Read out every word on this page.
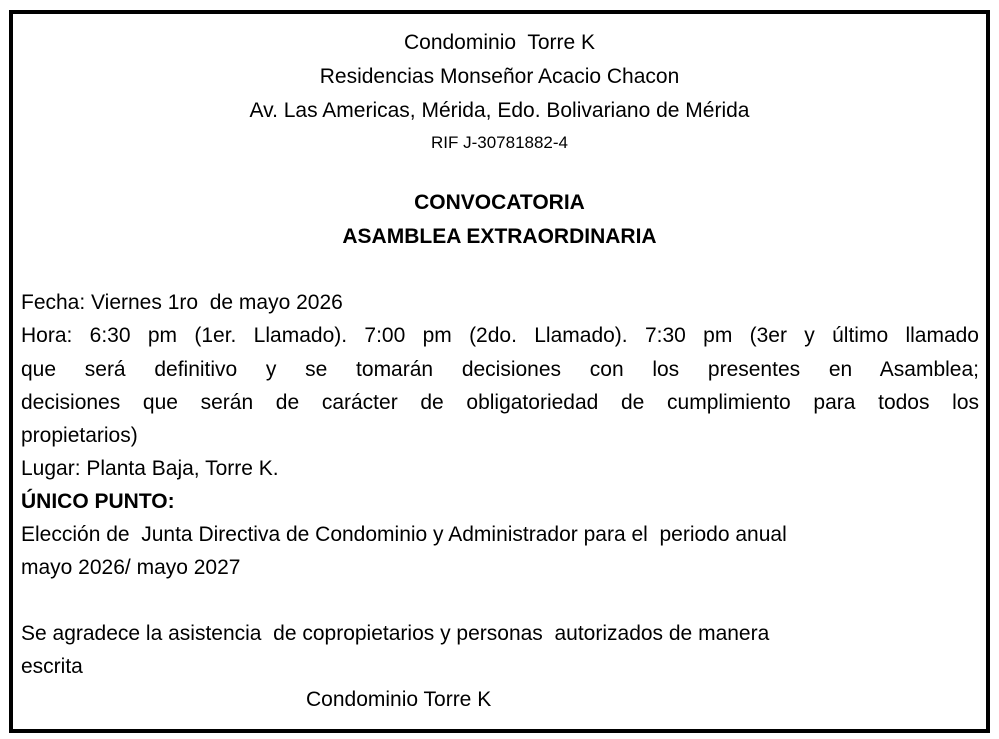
Condominio  Torre K
Residencias Monseñor Acacio Chacon
Av. Las Americas, Mérida, Edo. Bolivariano de Mérida
RIF J-30781882-4
CONVOCATORIA
ASAMBLEA EXTRAORDINARIA
Fecha: Viernes 1ro  de mayo 2026
Hora: 6:30 pm (1er. Llamado). 7:00 pm (2do. Llamado). 7:30 pm (3er y último llamado
que será definitivo y se tomarán decisiones con los presentes en Asamblea;
decisiones que serán de carácter de obligatoriedad de cumplimiento para todos los
propietarios)
Lugar: Planta Baja, Torre K.
ÚNICO PUNTO:
Elección de  Junta Directiva de Condominio y Administrador para el  periodo anual
mayo 2026/ mayo 2027
Se agradece la asistencia  de copropietarios y personas  autorizados de manera
escrita
Condominio Torre K
